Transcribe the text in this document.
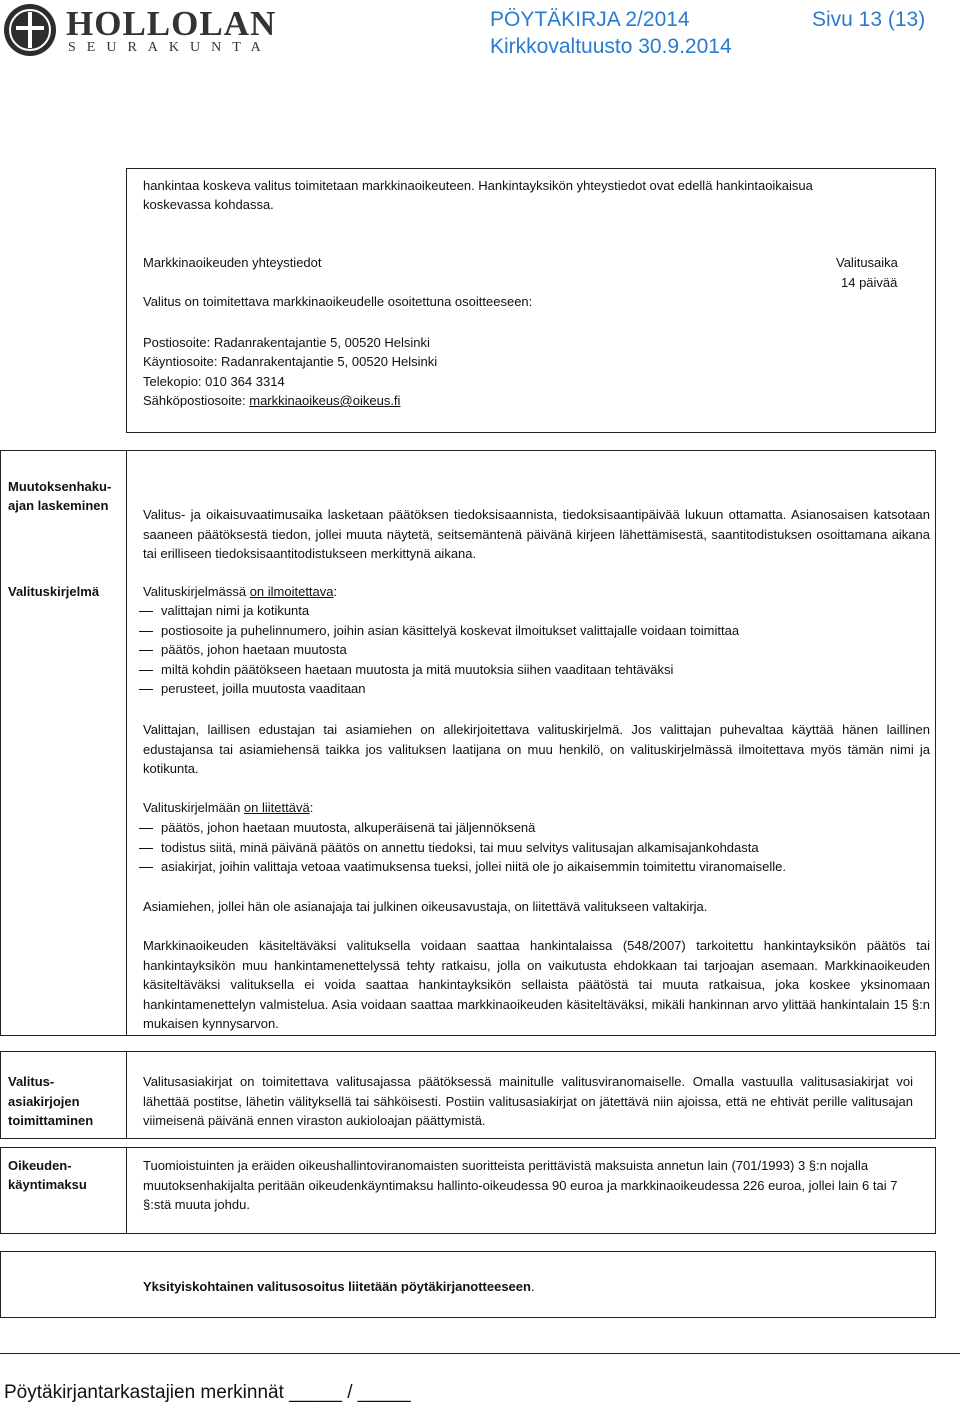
HOLLOLAN
SEURAKUNTA
PÖYTÄKIRJA 2/2014	Sivu 13 (13)
Kirkkovaltuusto 30.9.2014
hankintaa koskeva valitus toimitetaan markkinaoikeuteen. Hankintayksikön yhteystiedot ovat edellä hankintaoikaisua
koskevassa kohdassa.
Markkinaoikeuden yhteystiedot
Valitus on toimitettava markkinaoikeudelle osoitettuna osoitteeseen:
Valitusaika
14 päivää
Postiosoite: Radanrakentajantie 5, 00520 Helsinki
Käyntiosoite: Radanrakentajantie 5, 00520 Helsinki
Telekopio: 010 364 3314
Sähköpostiosoite: markkinaoikeus@oikeus.fi
Muutoksenhaku-
ajan laskeminen
Valitus- ja oikaisuvaatimusaika lasketaan päätöksen tiedoksisaannista, tiedoksisaantipäivää lukuun ottamatta. Asianosaisen katsotaan saaneen päätöksestä tiedon, jollei muuta näytetä, seitsemäntenä päivänä kirjeen lähettämisestä, saantitodistuksen osoittamana aikana tai erilliseen tiedoksisaantitodistukseen merkittynä aikana.
Valituskirjelmä	Valituskirjelmässä on ilmoitettava:
valittajan nimi ja kotikunta
postiosoite ja puhelinnumero, joihin asian käsittelyä koskevat ilmoitukset valittajalle voidaan toimittaa
päätös, johon haetaan muutosta
miltä kohdin päätökseen haetaan muutosta ja mitä muutoksia siihen vaaditaan tehtäväksi
perusteet, joilla muutosta vaaditaan
Valittajan, laillisen edustajan tai asiamiehen on allekirjoitettava valituskirjelmä. Jos valittajan puhevaltaa käyttää hänen laillinen edustajansa tai asiamiehensä taikka jos valituksen laatijana on muu henkilö, on valituskirjelmässä ilmoitettava myös tämän nimi ja kotikunta.
Valituskirjelmään on liitettävä:
päätös, johon haetaan muutosta, alkuperäisenä tai jäljennöksenä
todistus siitä, minä päivänä päätös on annettu tiedoksi, tai muu selvitys valitusajan alkamisajankohdasta
asiakirjat, joihin valittaja vetoaa vaatimuksensa tueksi, jollei niitä ole jo aikaisemmin toimitettu viranomaiselle.
Asiamiehen, jollei hän ole asianajaja tai julkinen oikeusavustaja, on liitettävä valitukseen valtakirja.
Markkinaoikeuden käsiteltäväksi valituksella voidaan saattaa hankintalaissa (548/2007) tarkoitettu hankintayksikön päätös tai hankintayksikön muu hankintamenettelyssä tehty ratkaisu, jolla on vaikutusta ehdokkaan tai tarjoajan asemaan. Markkinaoikeuden käsiteltäväksi valituksella ei voida saattaa hankintayksikön sellaista päätöstä tai muuta ratkaisua, joka koskee yksinomaan hankintamenettelyn valmistelua. Asia voidaan saattaa markkinaoikeuden käsiteltäväksi, mikäli hankinnan arvo ylittää hankintalain 15 §:n mukaisen kynnysarvon.
Valitus-
asiakirjojen
toimittaminen
Valitusasiakirjat on toimitettava valitusajassa päätöksessä mainitulle valitusviranomaiselle. Omalla vastuulla valitusasiakirjat voi lähettää postitse, lähetin välityksellä tai sähköisesti. Postiin valitusasiakirjat on jätettävä niin ajoissa, että ne ehtivät perille valitusajan viimeisenä päivänä ennen viraston aukioloajan päättymistä.
Oikeuden-
käyntimaksu
Tuomioistuinten ja eräiden oikeushallintoviranomaisten suoritteista perittävistä maksuista annetun lain (701/1993) 3 §:n nojalla muutoksenhakijalta peritään oikeudenkäyntimaksu hallinto-oikeudessa 90 euroa ja markkinaoikeudessa 226 euroa, jollei lain 6 tai 7 §:stä muuta johdu.
Yksityiskohtainen valitusosoitus liitetään pöytäkirjanotteeseen.
Pöytäkirjantarkastajien merkinnät _____ / _____
